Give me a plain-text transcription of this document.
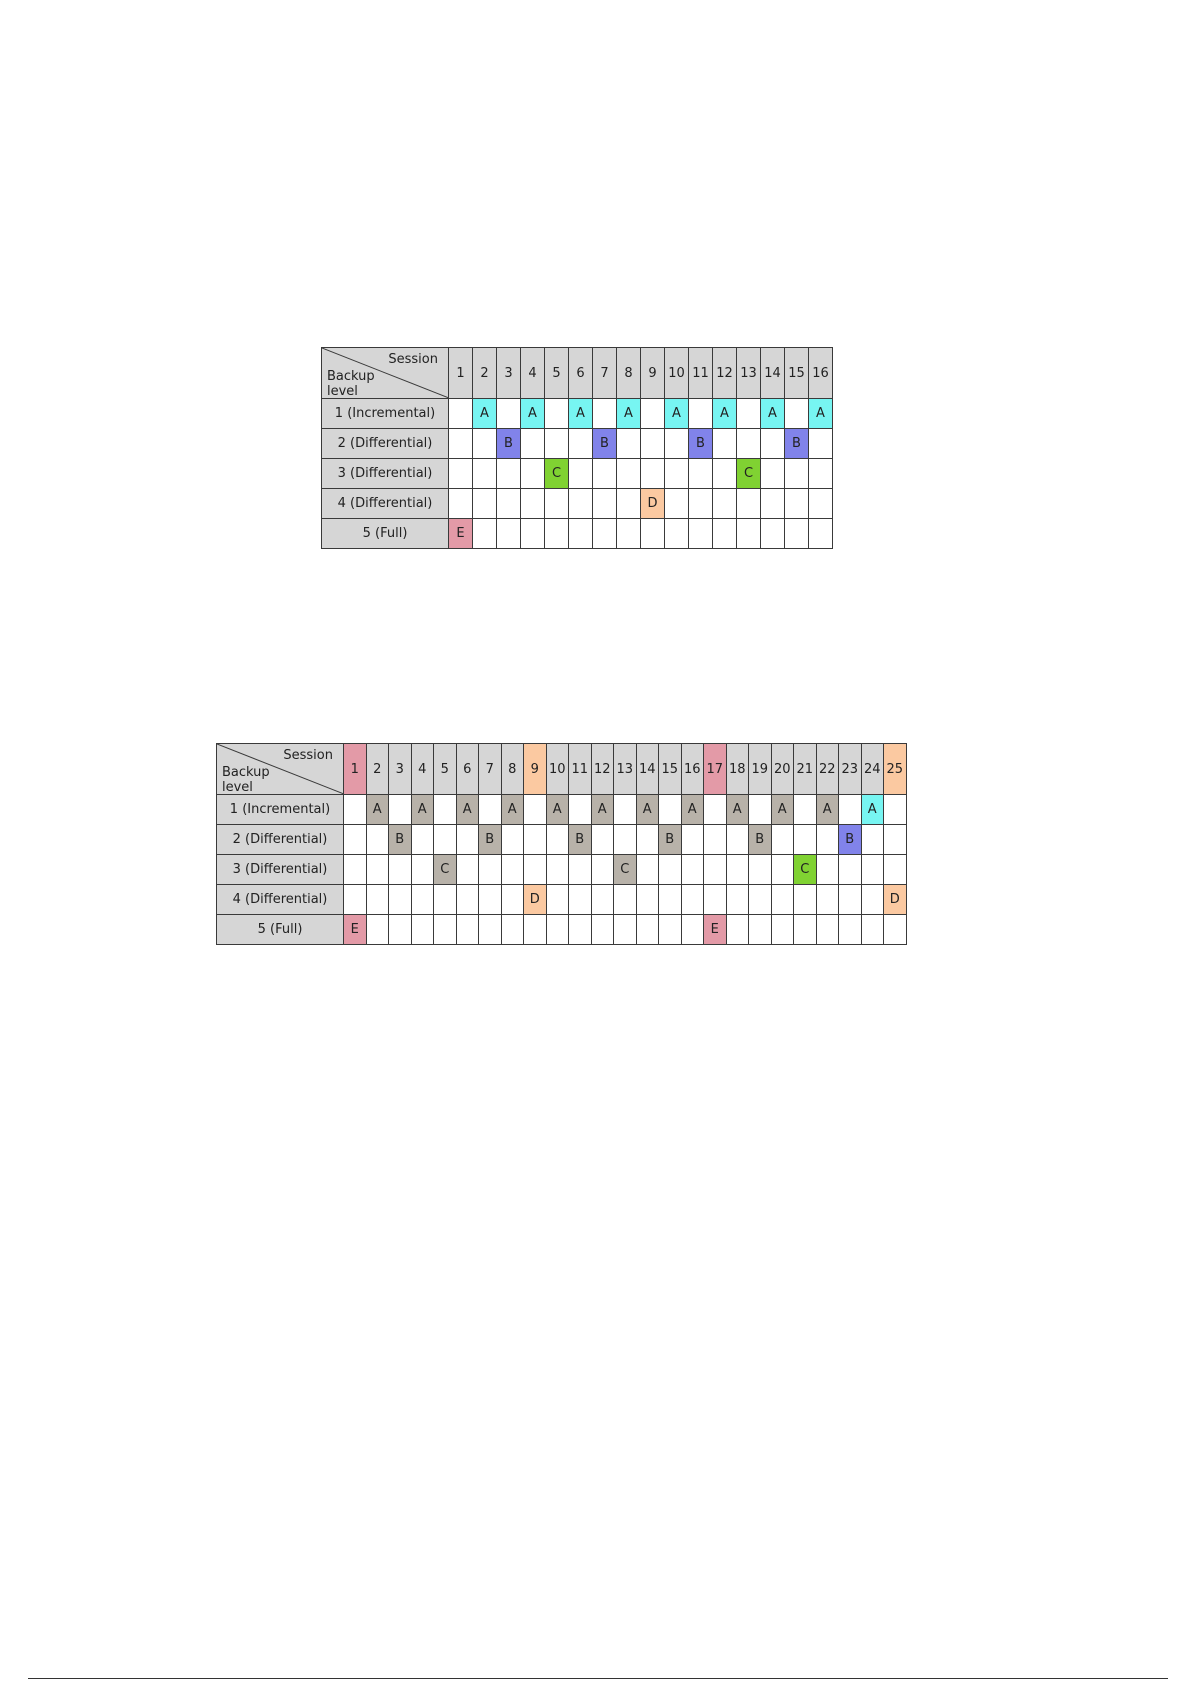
Session
Backup
level	1	2	3	4	5	6	7	8	9	10	11	12	13	14	15	16
1 (Incremental)		A		A		A		A		A		A		A		A
2 (Differential)			B				B				B				B	
3 (Differential)					C								C			
4 (Differential)									D							
5 (Full)	E															
Session
Backup
level	1	2	3	4	5	6	7	8	9	10	11	12	13	14	15	16	17	18	19	20	21	22	23	24	25
1 (Incremental)		A		A		A		A		A		A		A		A		A		A		A		A	
2 (Differential)			B				B				B				B				B				B		
3 (Differential)					C								C								C				
4 (Differential)									D																D
5 (Full)	E																E								
